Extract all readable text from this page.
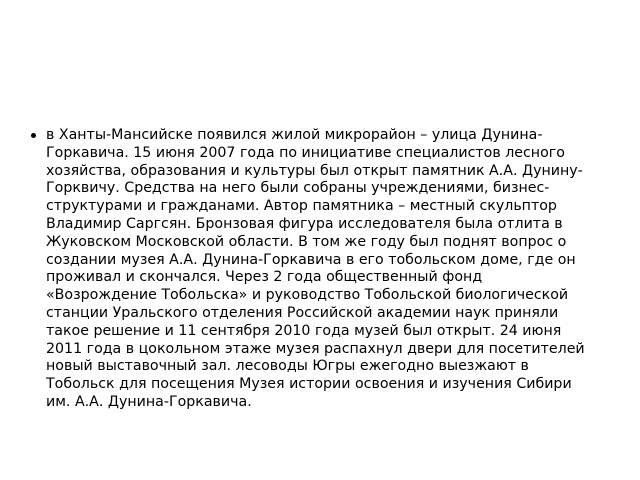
в Ханты-Мансийске появился жилой микрорайон – улица Дунина-Горкавича. 15 июня 2007 года по инициативе специалистов лесного хозяйства, образования и культуры был открыт памятник А.А. Дунину-Горквичу. Средства на него были собраны учреждениями, бизнес-структурами и гражданами. Автор памятника – местный скульптор Владимир Саргсян. Бронзовая фигура исследователя была отлита в Жуковском Московской области. В том же году был поднят вопрос о создании музея А.А. Дунина-Горкавича в его тобольском доме, где он проживал и скончался. Через 2 года общественный фонд «Возрождение Тобольска» и руководство Тобольской биологической станции Уральского отделения Российской академии наук приняли такое решение и 11 сентября 2010 года музей был открыт. 24 июня 2011 года в цокольном этаже музея распахнул двери для посетителей новый выставочный зал. лесоводы Югры ежегодно выезжают в Тобольск для посещения Музея истории освоения и изучения Сибири им. А.А. Дунина-Горкавича.
